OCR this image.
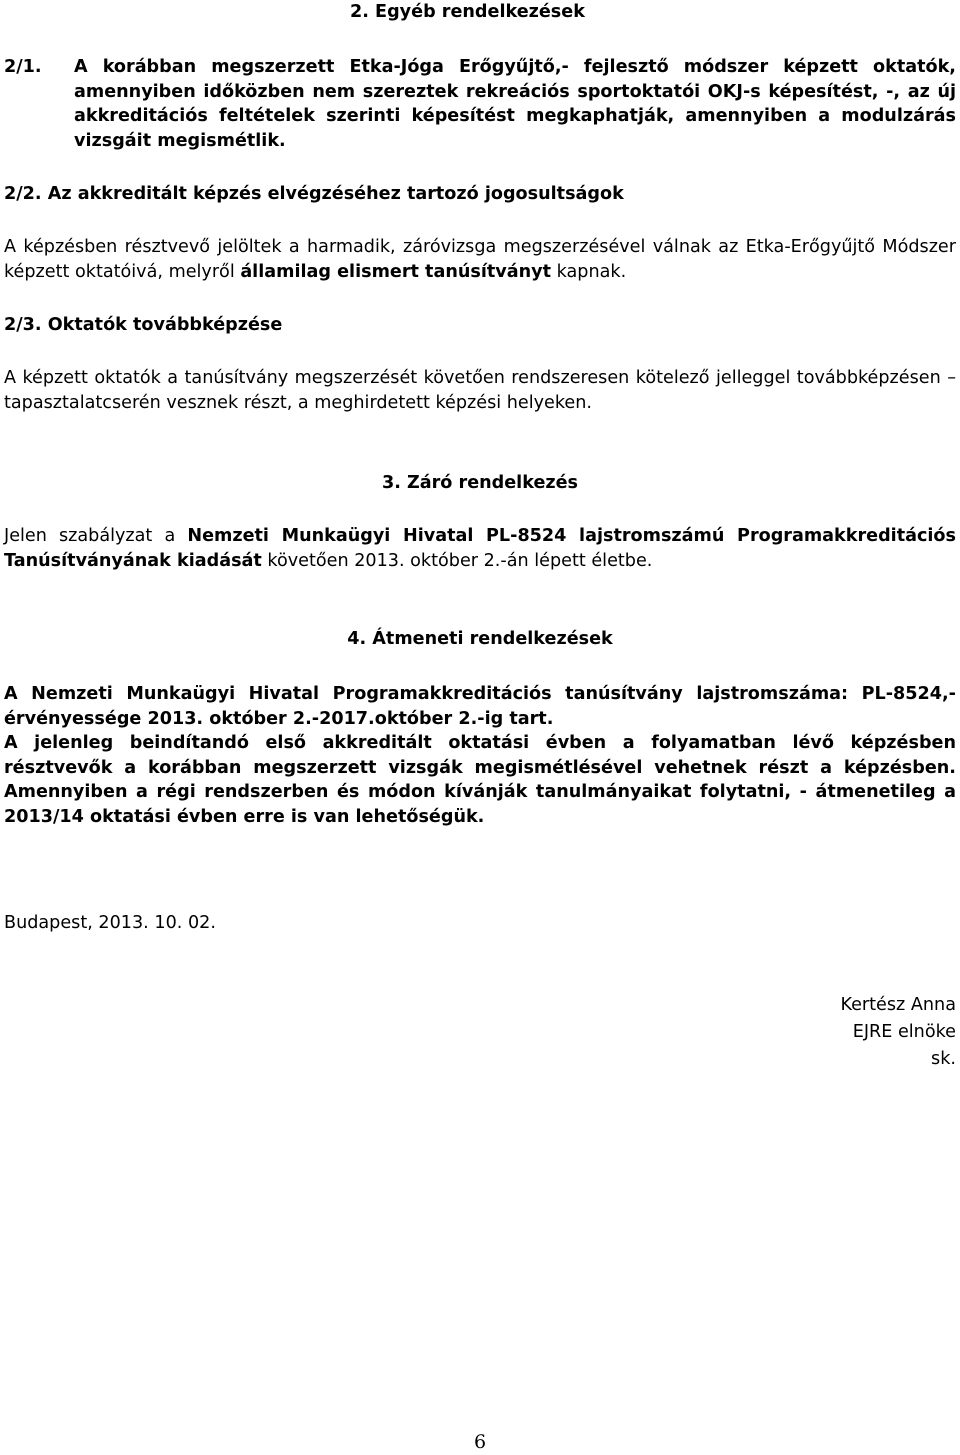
2. Egyéb rendelkezések
2/1. A korábban megszerzett Etka-Jóga Erőgyűjtő,- fejlesztő módszer képzett oktatók, amennyiben időközben nem szereztek rekreációs sportoktatói OKJ-s képesítést, -, az új akkreditációs feltételek szerinti képesítést megkaphatják, amennyiben a modulzárás vizsgáit megismétlik.
2/2. Az akkreditált képzés elvégzéséhez tartozó jogosultságok
A képzésben résztvevő jelöltek a harmadik, záróvizsga megszerzésével válnak az Etka-Erőgyűjtő Módszer képzett oktatóivá, melyről államilag elismert tanúsítványt kapnak.
2/3. Oktatók továbbképzése
A képzett oktatók a tanúsítvány megszerzését követően rendszeresen kötelező jelleggel továbbképzésen – tapasztalatcserén vesznek részt, a meghirdetett képzési helyeken.
3. Záró rendelkezés
Jelen szabályzat a Nemzeti Munkaügyi Hivatal PL-8524 lajstromszámú Programakkreditációs Tanúsítványának kiadását követően 2013. október 2.-án lépett életbe.
4. Átmeneti rendelkezések
A Nemzeti Munkaügyi Hivatal Programakkreditációs tanúsítvány lajstromszáma: PL-8524,- érvényessége 2013. október 2.-2017.október 2.-ig tart.
A jelenleg beindítandó első akkreditált oktatási évben a folyamatban lévő képzésben résztvevők a korábban megszerzett vizsgák megismétlésével vehetnek részt a képzésben. Amennyiben a régi rendszerben és módon kívánják tanulmányaikat folytatni, - átmenetileg a 2013/14 oktatási évben erre is van lehetőségük.
Budapest, 2013. 10. 02.
Kertész Anna
EJRE elnöke
sk.
6
